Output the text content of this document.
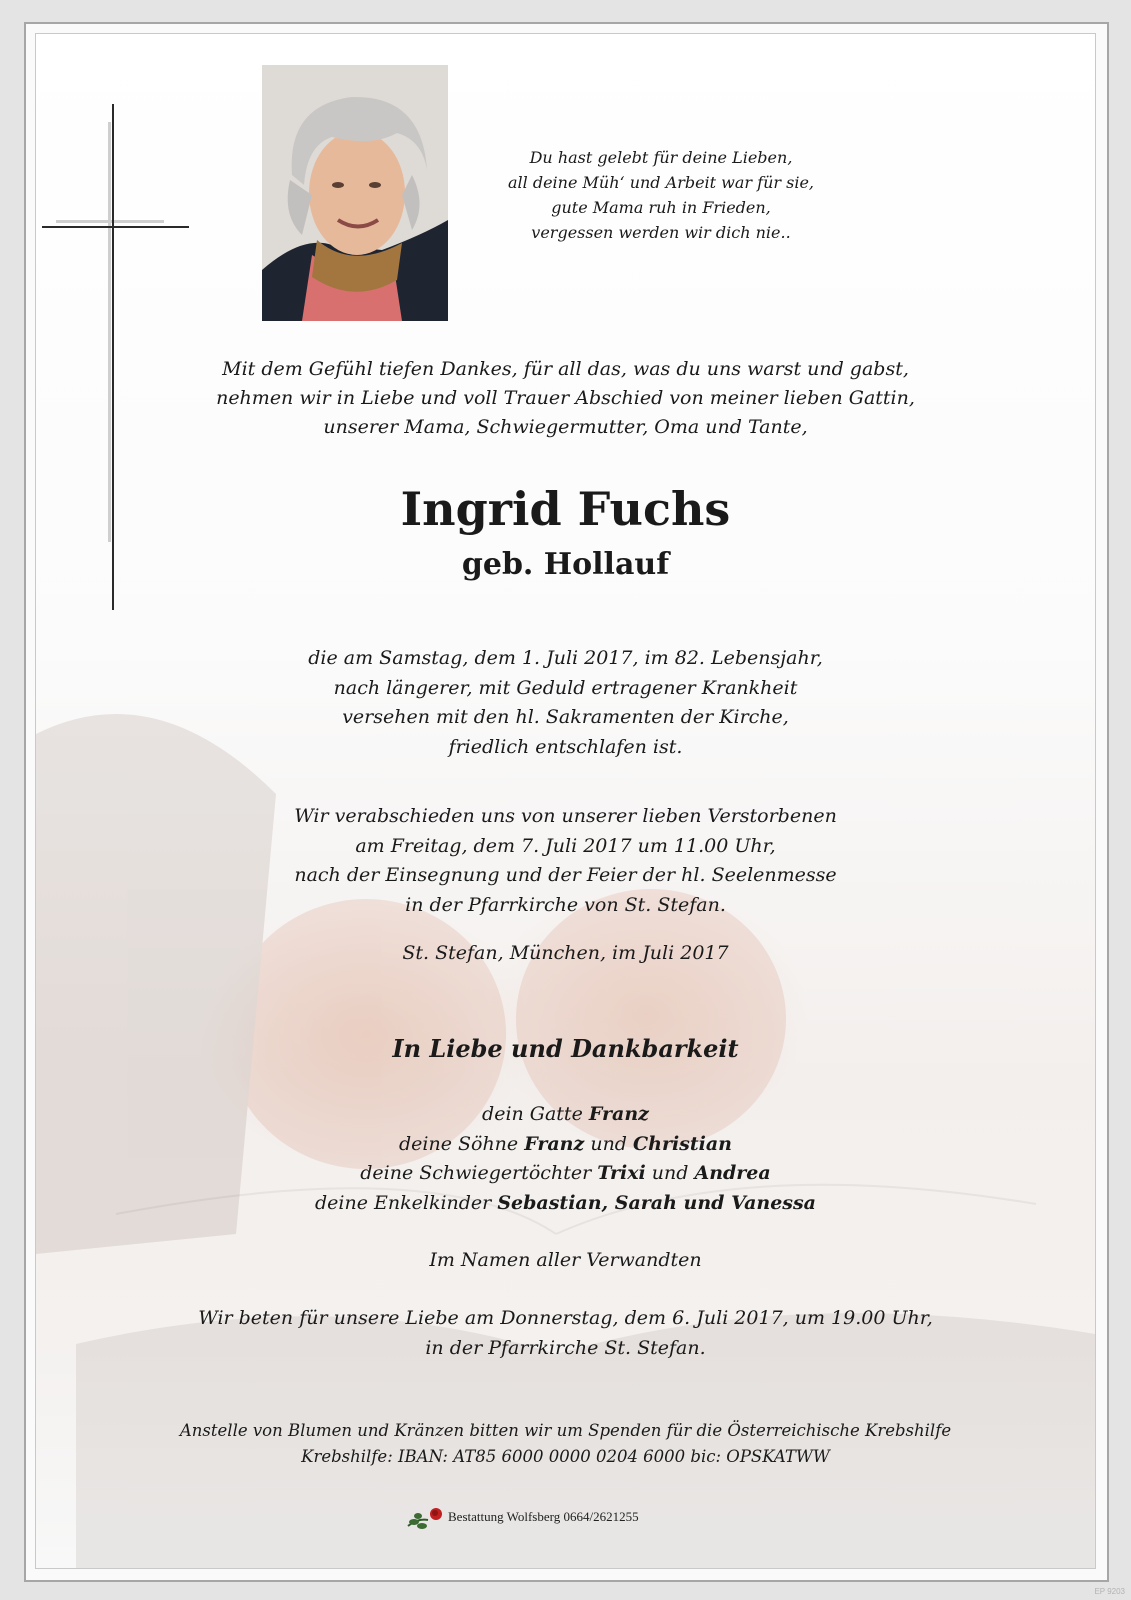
Du hast gelebt für deine Lieben,
all deine Müh‘ und Arbeit war für sie,
gute Mama ruh in Frieden,
vergessen werden wir dich nie..
Mit dem Gefühl tiefen Dankes, für all das, was du uns warst und gabst,
nehmen wir in Liebe und voll Trauer Abschied von meiner lieben Gattin,
unserer Mama, Schwiegermutter, Oma und Tante,
Ingrid Fuchs
geb. Hollauf
die am Samstag, dem 1. Juli 2017, im 82. Lebensjahr,
nach längerer, mit Geduld ertragener Krankheit
versehen mit den hl. Sakramenten der Kirche,
friedlich entschlafen ist.
Wir verabschieden uns von unserer lieben Verstorbenen
am Freitag, dem 7. Juli 2017 um 11.00 Uhr,
nach der Einsegnung und der Feier der hl. Seelenmesse
in der Pfarrkirche von St. Stefan.
St. Stefan, München, im Juli 2017
In Liebe und Dankbarkeit
dein Gatte Franz
deine Söhne Franz und Christian
deine Schwiegertöchter Trixi und Andrea
deine Enkelkinder Sebastian, Sarah und Vanessa
Im Namen aller Verwandten
Wir beten für unsere Liebe am Donnerstag, dem 6. Juli 2017, um 19.00 Uhr,
in der Pfarrkirche St. Stefan.
Anstelle von Blumen und Kränzen bitten wir um Spenden für die Österreichische Krebshilfe
Krebshilfe: IBAN: AT85 6000 0000 0204 6000 bic: OPSKATWW
Bestattung Wolfsberg 0664/2621255
EP 9203
